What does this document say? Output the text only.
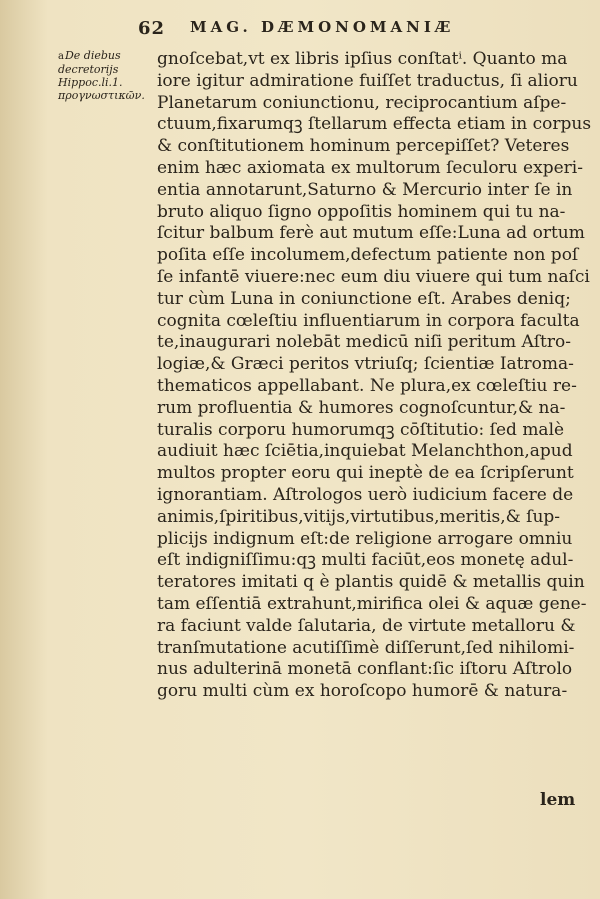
62 MAG. DÆMONOMANIÆ
aDe diebus
decretorijs
Hippoc.li.1.
προγνωστικῶν.
gnoſcebat,vt ex libris ipſius conſtatⁱ. Quanto ma
iore igitur admiratione fuiſſet traductus, ſi alioru
Planetarum coniunctionu, reciprocantium aſpe-
ctuum,fixarumqꝫ ſtellarum effecta etiam in corpus
& conſtitutionem hominum percepiſſet? Veteres
enim hæc axiomata ex multorum ſeculoru experi-
entia annotarunt,Saturno & Mercurio inter ſe in
bruto aliquo ſigno oppoſitis hominem qui tu na-
ſcitur balbum ferè aut mutum eſſe:Luna ad ortum
poſita eſſe incolumem,defectum patiente non poſ
ſe infantē viuere:nec eum diu viuere qui tum naſci
tur cùm Luna in coniunctione eſt. Arabes deniq;
cognita cœleſtiu influentiarum in corpora faculta
te,inaugurari nolebāt medicū niſi peritum Aſtro-
logiæ,& Græci peritos vtriuſq; ſcientiæ Iatroma-
thematicos appellabant. Ne plura,ex cœleſtiu re-
rum profluentia & humores cognoſcuntur,& na-
turalis corporu humorumqꝫ cōſtitutio: ſed malè
audiuit hæc ſciētia,inquiebat Melanchthon,apud
multos propter eoru qui ineptè de ea ſcripſerunt
ignorantiam. Aſtrologos uerò iudicium facere de
animis,ſpiritibus,vitijs,virtutibus,meritis,& ſup-
plicijs indignum eſt:de religione arrogare omniu
eſt indigniſſimu:qꝫ multi faciūt,eos monetę adul-
teratores imitati q è plantis quidē & metallis quin
tam eſſentiā extrahunt,mirifica olei & aquæ gene-
ra faciunt valde ſalutaria, de virtute metalloru &
tranſmutatione acutiſſimè diſſerunt,ſed nihilomi-
nus adulterinā monetā conflant:ſic iſtoru Aſtrolo
goru multi cùm ex horoſcopo humorē & natura-
lem
